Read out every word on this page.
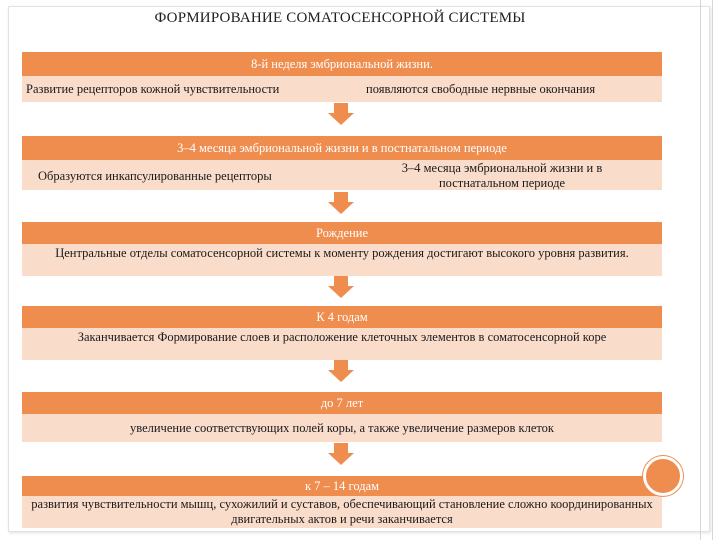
ФОРМИРОВАНИЕ СОМАТОСЕНСОРНОЙ СИСТЕМЫ
8-й неделя эмбриональной жизни.
Развитие рецепторов кожной чувствительности	появляются свободные нервные окончания
3–4 месяца эмбриональной жизни и в постнатальном периоде
Образуются инкапсулированные рецепторы
3–4 месяца эмбриональной жизни и в постнатальном периоде
Рождение
Центральные отделы соматосенсорной системы к моменту рождения достигают высокого уровня развития.
К 4 годам
Заканчивается Формирование слоев и расположение клеточных элементов в соматосенсорной коре
до 7 лет
увеличение соответствующих полей коры, а также увеличение размеров клеток
к 7 – 14 годам
развития чувствительности мышц, сухожилий и суставов, обеспечивающий становление сложно координированных двигательных актов и речи заканчивается
